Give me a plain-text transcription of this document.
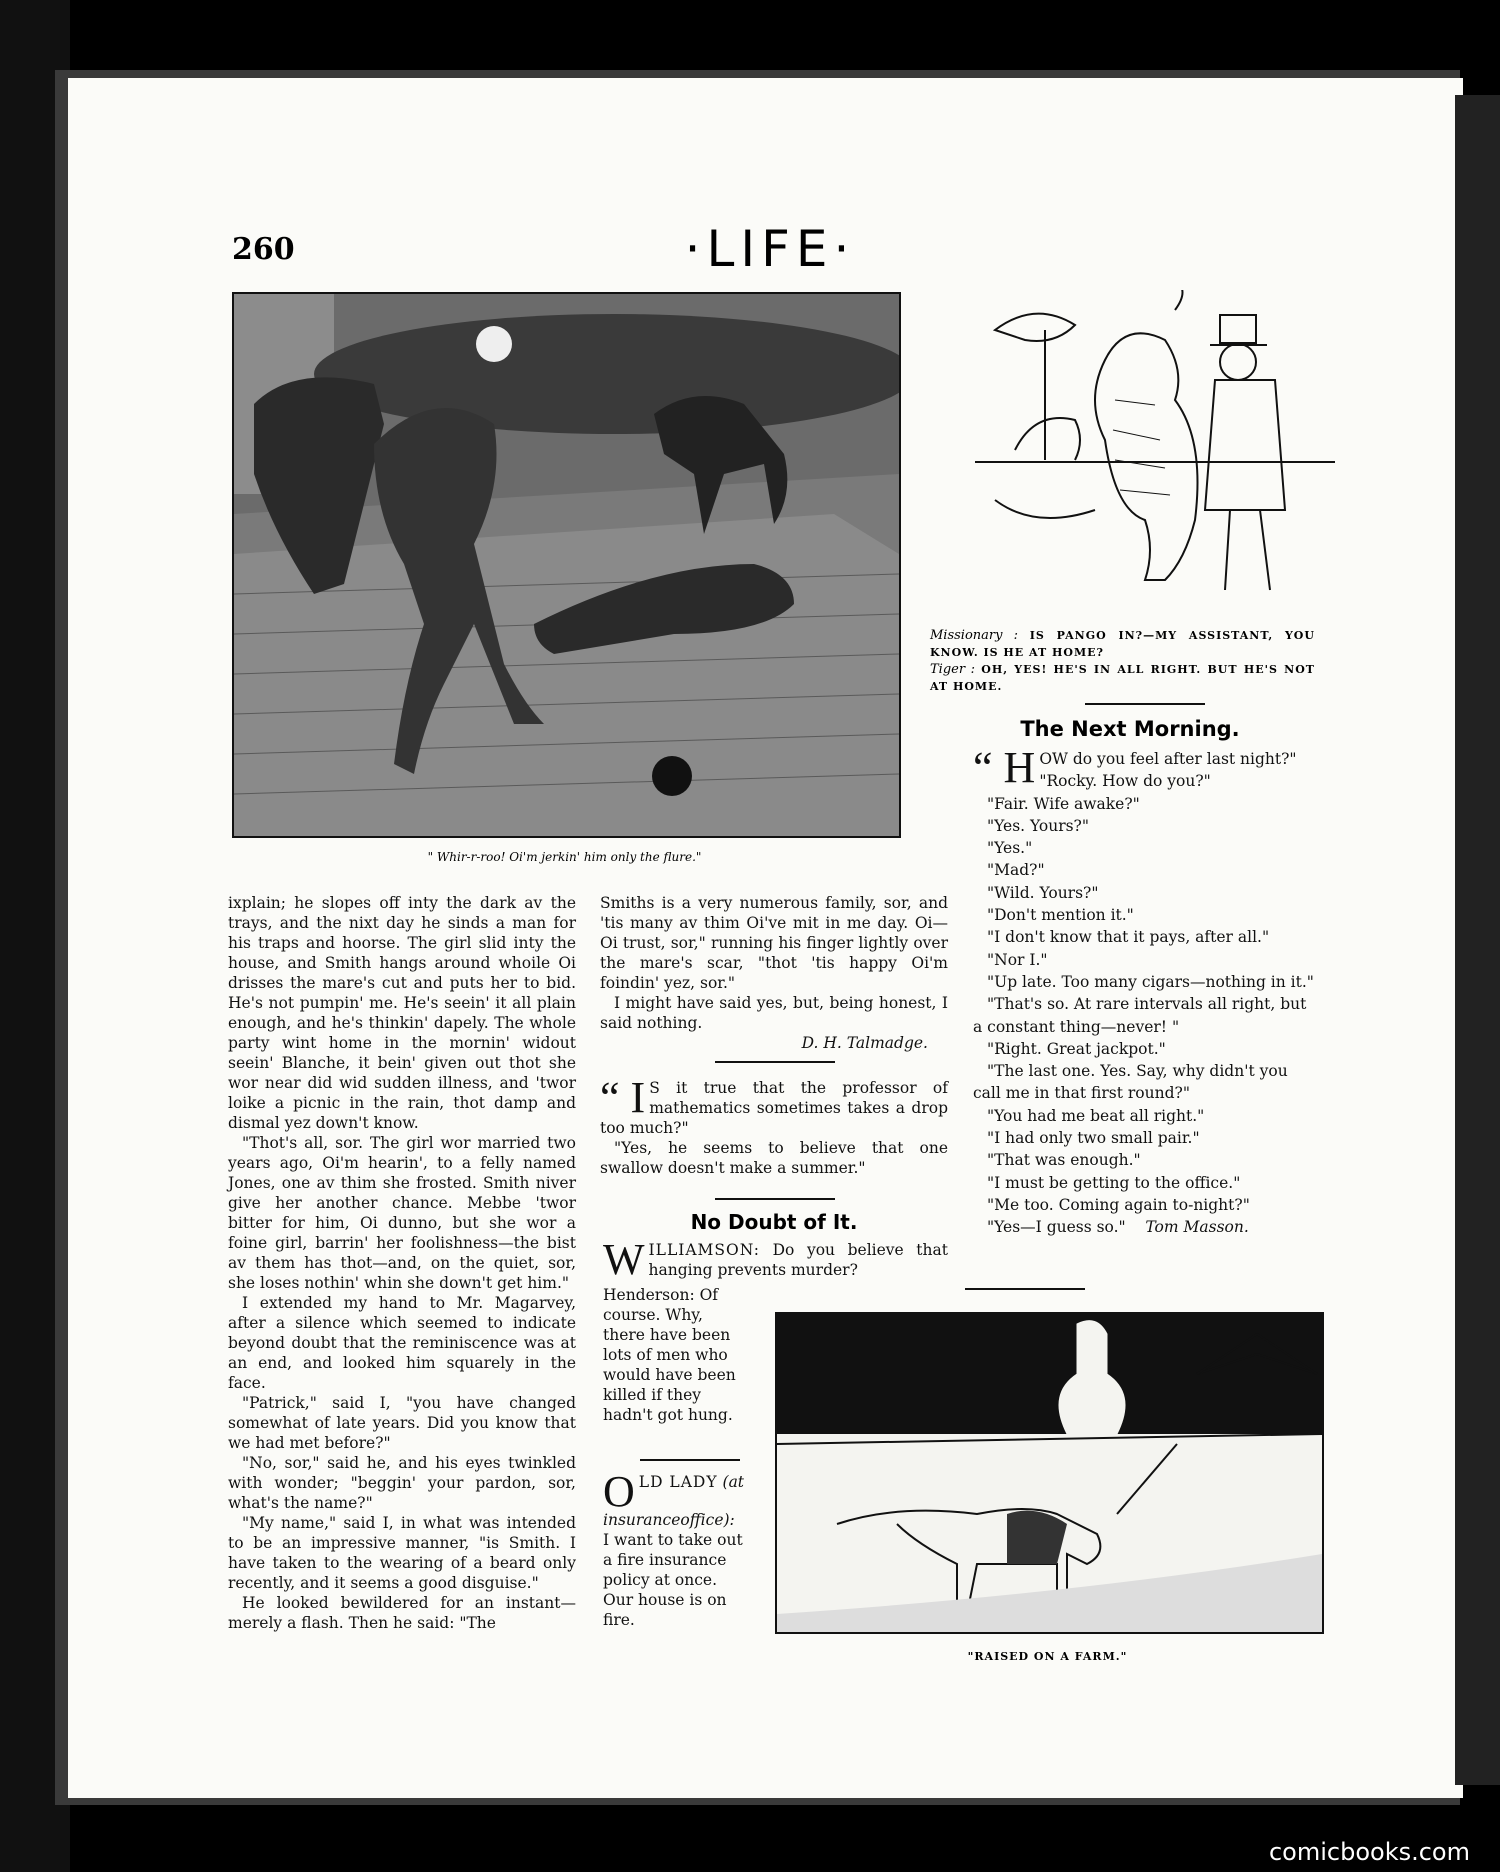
260	·LIFE·
" Whir-r-roo! Oi'm jerkin' him only the flure."
Missionary : IS PANGO IN?—MY ASSISTANT, YOU KNOW. IS HE AT HOME?
Tiger : OH, YES! HE'S IN ALL RIGHT. BUT HE'S NOT AT HOME.

ixplain; he slopes off inty the dark av the trays, and the nixt day he sinds a man for his traps and hoorse. The girl slid inty the house, and Smith hangs around whoile Oi drisses the mare's cut and puts her to bid. He's not pumpin' me. He's seein' it all plain enough, and he's thinkin' dapely. The whole party wint home in the mornin' widout seein' Blanche, it bein' given out thot she wor near did wid sudden illness, and 'twor loike a picnic in the rain, thot damp and dismal yez down't know.

"Thot's all, sor. The girl wor married two years ago, Oi'm hearin', to a felly named Jones, one av thim she frosted. Smith niver give her another chance. Mebbe 'twor bitter for him, Oi dunno, but she wor a foine girl, barrin' her foolishness—the bist av them has thot—and, on the quiet, sor, she loses nothin' whin she down't get him."

I extended my hand to Mr. Magarvey, after a silence which seemed to indicate beyond doubt that the reminiscence was at an end, and looked him squarely in the face.

"Patrick," said I, "you have changed somewhat of late years. Did you know that we had met before?"

"No, sor," said he, and his eyes twinkled with wonder; "beggin' your pardon, sor, what's the name?"

"My name," said I, in what was intended to be an impressive manner, "is Smith. I have taken to the wearing of a beard only recently, and it seems a good disguise."

He looked bewildered for an instant—merely a flash. Then he said: "The

Smiths is a very numerous family, sor, and 'tis many av thim Oi've mit in me day. Oi—Oi trust, sor," running his finger lightly over the mare's scar, "thot 'tis happy Oi'm foindin' yez, sor."

I might have said yes, but, being honest, I said nothing.

D. H. Talmadge.
“ I S it true that the professor of mathematics sometimes takes a drop too much?"

"Yes, he seems to believe that one swallow doesn't make a summer."

No Doubt of It.
W ILLIAMSON: Do you believe that hanging prevents murder?
Henderson: Of course. Why, there have been lots of men who would have been killed if they hadn't got hung.
O LD LADY (at insuranceoffice): I want to take out a fire insurance policy at once. Our house is on fire.
The Next Morning.
“ H OW do you feel after last night?"
"Rocky. How do you?"
"Fair. Wife awake?"
"Yes. Yours?"
"Yes."
"Mad?"
"Wild. Yours?"
"Don't mention it."
"I don't know that it pays, after all."
"Nor I."
"Up late. Too many cigars—nothing in it."
"That's so. At rare intervals all right, but a constant thing—never! "
"Right. Great jackpot."
"The last one. Yes. Say, why didn't you call me in that first round?"
"You had me beat all right."
"I had only two small pair."
"That was enough."
"I must be getting to the office."
"Me too. Coming again to-night?"
"Yes—I guess so." Tom Masson.
"RAISED ON A FARM."
comicbooks.com
